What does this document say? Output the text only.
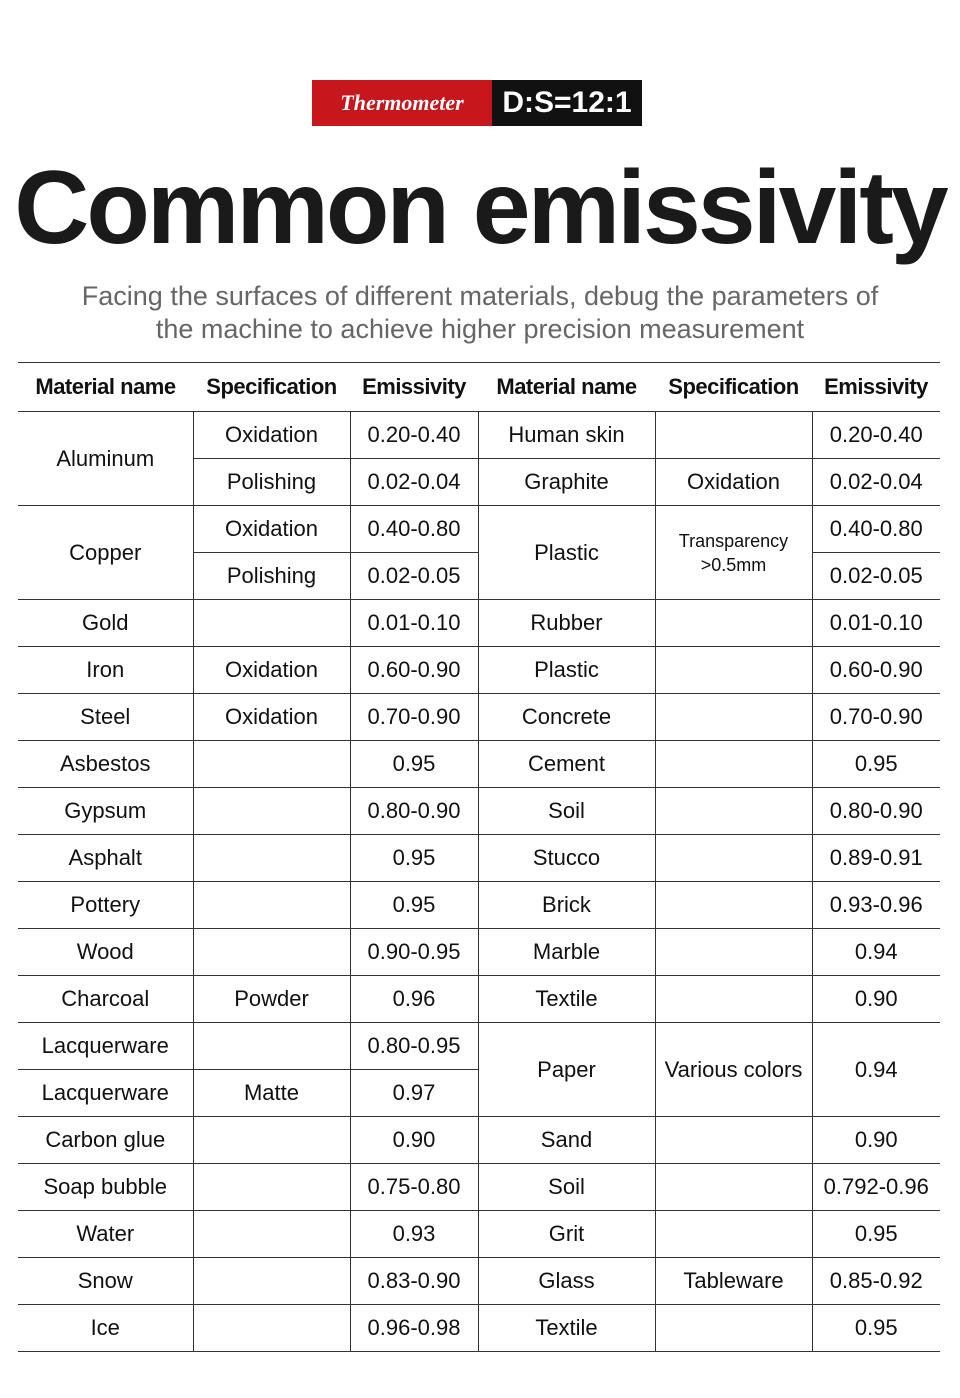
Thermometer	D:S=12:1
Common emissivity
Facing the surfaces of different materials, debug the parameters of
the machine to achieve higher precision measurement
Material name	Specification	Emissivity	Material name	Specification	Emissivity
Aluminum	Oxidation	0.20-0.40	Human skin		0.20-0.40
	Polishing	0.02-0.04	Graphite	Oxidation	0.02-0.04
Copper	Oxidation	0.40-0.80	Plastic	Transparency >0.5mm	0.40-0.80
	Polishing	0.02-0.05			0.02-0.05
Gold		0.01-0.10	Rubber		0.01-0.10
Iron	Oxidation	0.60-0.90	Plastic		0.60-0.90
Steel	Oxidation	0.70-0.90	Concrete		0.70-0.90
Asbestos		0.95	Cement		0.95
Gypsum		0.80-0.90	Soil		0.80-0.90
Asphalt		0.95	Stucco		0.89-0.91
Pottery		0.95	Brick		0.93-0.96
Wood		0.90-0.95	Marble		0.94
Charcoal	Powder	0.96	Textile		0.90
Lacquerware		0.80-0.95	Paper	Various colors	0.94
Lacquerware	Matte	0.97			
Carbon glue		0.90	Sand		0.90
Soap bubble		0.75-0.80	Soil		0.792-0.96
Water		0.93	Grit		0.95
Snow		0.83-0.90	Glass	Tableware	0.85-0.92
Ice		0.96-0.98	Textile		0.95
